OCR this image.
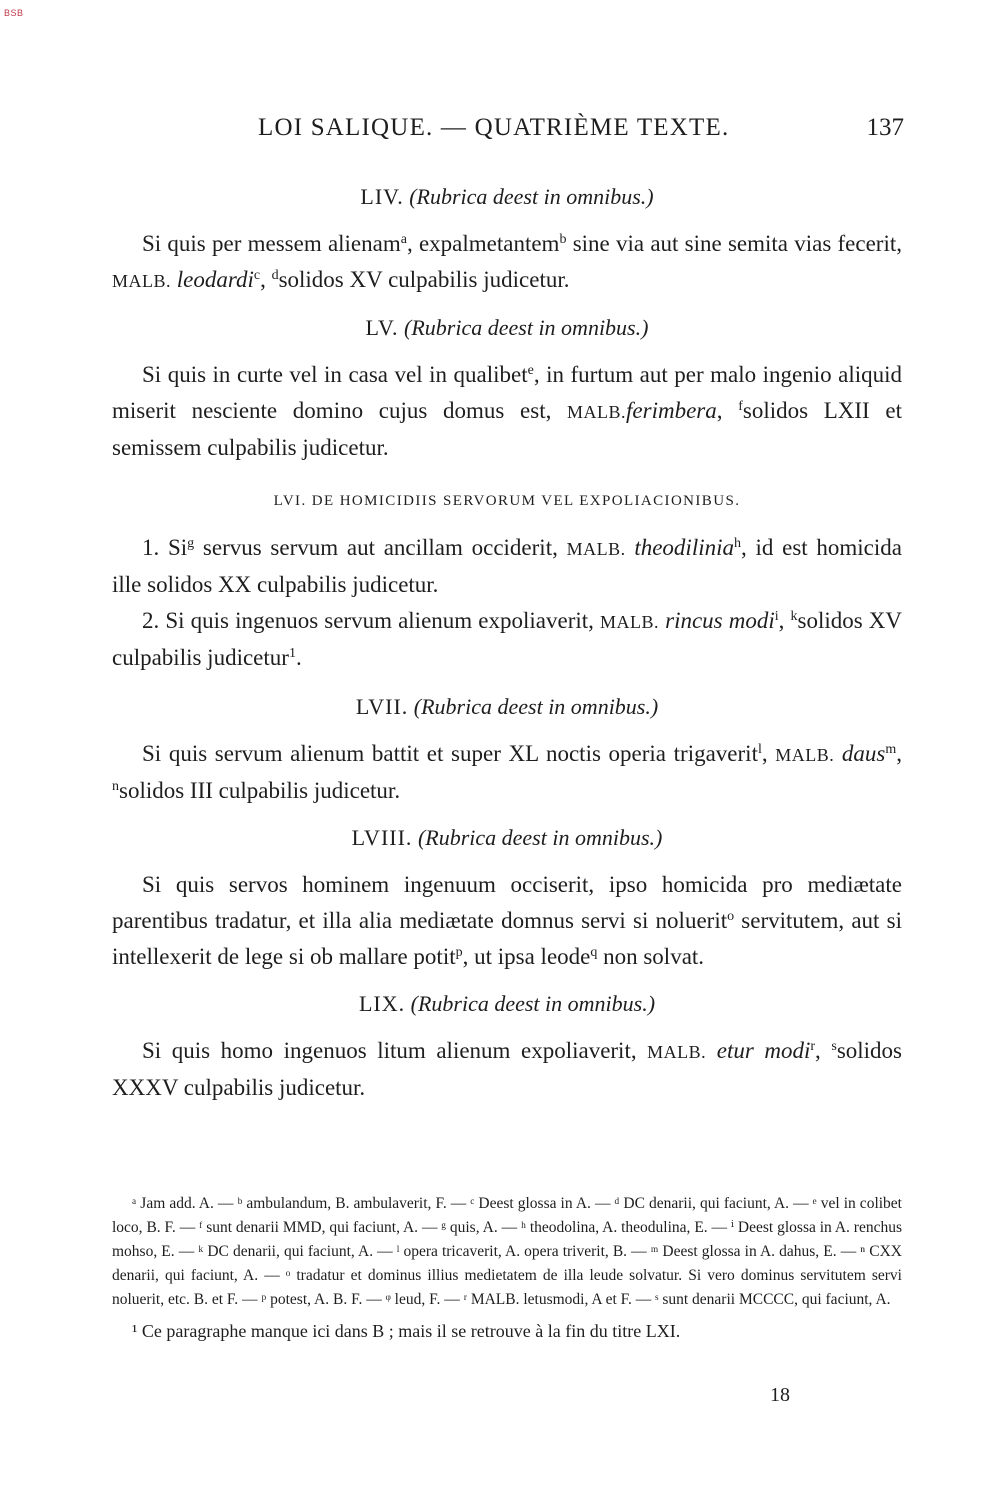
BSB
LOI SALIQUE. — QUATRIÈME TEXTE.	137
LIV. (Rubrica deest in omnibus.)

Si quis per messem alienam$^a$, expalmetantem$^b$ sine via aut sine semita vias fecerit, MALB. leodardi$^c$, $^d$solidos XV culpabilis judicetur.

LV. (Rubrica deest in omnibus.)

Si quis in curte vel in casa vel in qualibet$^e$, in furtum aut per malo ingenio aliquid miserit nesciente domino cujus domus est, MALB.ferimbera, $^f$solidos LXII et semissem culpabilis judicetur.

LVI. DE HOMICIDIIS SERVORUM VEL EXPOLIACIONIBUS.

1. Si$^g$ servus servum aut ancillam occiderit, MALB. theodilinia$^h$, id est homicida ille solidos XX culpabilis judicetur.

2. Si quis ingenuos servum alienum expoliaverit, MALB. rincus modi$^i$, $^k$solidos XV culpabilis judicetur$^1$.

LVII. (Rubrica deest in omnibus.)

Si quis servum alienum battit et super XL noctis operia trigaverit$^l$, MALB. daus$^m$, $^n$solidos III culpabilis judicetur.

LVIII. (Rubrica deest in omnibus.)

Si quis servos hominem ingenuum occiserit, ipso homicida pro mediætate parentibus tradatur, et illa alia mediætate domnus servi si noluerit$^o$ servitutem, aut si intellexerit de lege si ob mallare potit$^p$, ut ipsa leode$^q$ non solvat.

LIX. (Rubrica deest in omnibus.)

Si quis homo ingenuos litum alienum expoliaverit, MALB. etur modi$^r$, $^s$solidos XXXV culpabilis judicetur.

ᵃ Jam add. A. — ᵇ ambulandum, B. ambulaverit, F. — ᶜ Deest glossa in A. — ᵈ DC denarii, qui faciunt, A. — ᵉ vel in colibet loco, B. F. — ᶠ sunt denarii MMD, qui faciunt, A. — ᵍ quis, A. — ʰ theodolina, A. theodulina, E. — ⁱ Deest glossa in A. renchus mohso, E. — ᵏ DC denarii, qui faciunt, A. — ˡ opera tricaverit, A. opera triverit, B. — ᵐ Deest glossa in A. dahus, E. — ⁿ CXX denarii, qui faciunt, A. — ᵒ tradatur et dominus illius medietatem de illa leude solvatur. Si vero dominus servitutem servi noluerit, etc. B. et F. — ᵖ potest, A. B. F. — ᵠ leud, F. — ʳ MALB. letusmodi, A et F. — ˢ sunt denarii MCCCC, qui faciunt, A.

¹ Ce paragraphe manque ici dans B ; mais il se retrouve à la fin du titre LXI.

18
